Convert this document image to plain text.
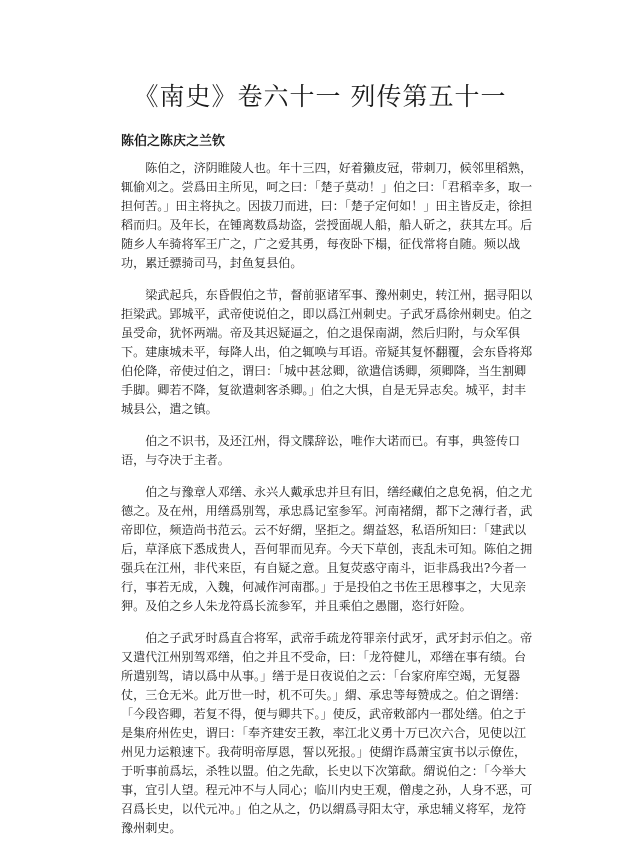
《南史》卷六十一 列传第五十一
陈伯之陈庆之兰钦

陈伯之，济阴睢陵人也。年十三四，好着獭皮冠，带刺刀，候邻里稻熟，辄偷刈之。尝爲田主所见，呵之曰：「楚子莫动！」伯之曰：「君稻幸多，取一担何苦。」田主将执之。因拔刀而进，曰：「楚子定何如！」田主皆反走，徐担稻而归。及年长，在锺离数爲劫盗，尝授面觇人船，船人斫之，获其左耳。后随乡人车骑将军王广之，广之爱其勇，每夜卧下榻，征伐常将自随。频以战功，累迁骠骑司马，封鱼复县伯。

梁武起兵，东昏假伯之节，督前驱诸军事、豫州刺史，转江州，据寻阳以拒梁武。郢城平，武帝使说伯之，即以爲江州刺史。子武牙爲徐州刺史。伯之虽受命，犹怀两端。帝及其迟疑逼之，伯之退保南湖，然后归附，与众军俱下。建康城未平，每降人出，伯之辄唤与耳语。帝疑其复怀翻覆，会东昏将郑伯伦降，帝使过伯之，谓曰：「城中甚忿卿，欲遣信诱卿，须卿降，当生割卿手脚。卿若不降，复欲遣刺客杀卿。」伯之大惧，自是无异志矣。城平，封丰城县公，遣之镇。

伯之不识书，及还江州，得文牒辞讼，唯作大诺而已。有事，典签传口语，与夺决于主者。

伯之与豫章人邓缮、永兴人戴承忠并旦有旧，缮经藏伯之息免祸，伯之尤德之。及在州，用缮爲别驾，承忠爲记室参军。河南褚緭，都下之薄行者，武帝即位，频造尚书范云。云不好緭，坚拒之。緭益怒，私语所知曰：「建武以后，草泽底下悉成贵人，吾何罪而见弃。今天下草创，丧乱未可知。陈伯之拥强兵在江州，非代来臣，有自疑之意。且复荧惑守南斗，讵非爲我出?今者一行，事若无成，入魏，何减作河南郡。」于是投伯之书佐王思穆事之，大见亲狎。及伯之乡人朱龙符爲长流参军，并且乘伯之愚闇，恣行奸险。

伯之子武牙时爲直合将军，武帝手疏龙符罪亲付武牙，武牙封示伯之。帝又遣代江州别驾邓缮，伯之并且不受命，曰：「龙符健儿，邓缮在事有绩。台所遣别驾，请以爲中从事。」缮于是日夜说伯之云：「台家府库空竭，无复器仗，三仓无米。此万世一时，机不可失。」緭、承忠等每赞成之。伯之谓缮：「今段咨卿，若复不得，便与卿共下。」使反，武帝敕部内一郡处缮。伯之于是集府州佐史，谓曰：「奉齐建安王教，率江北义勇十万已次六合，见使以江州见力运粮速下。我荷明帝厚恩，誓以死报。」使緭诈爲萧宝寅书以示僚佐，于听事前爲坛，杀牲以盟。伯之先歃，长史以下次第歃。緭说伯之：「今举大事，宜引人望。程元冲不与人同心；临川内史王观，僧虔之孙，人身不恶，可召爲长史，以代元冲。」伯之从之，仍以緭爲寻阳太守，承忠辅义将军，龙符豫州刺史。
